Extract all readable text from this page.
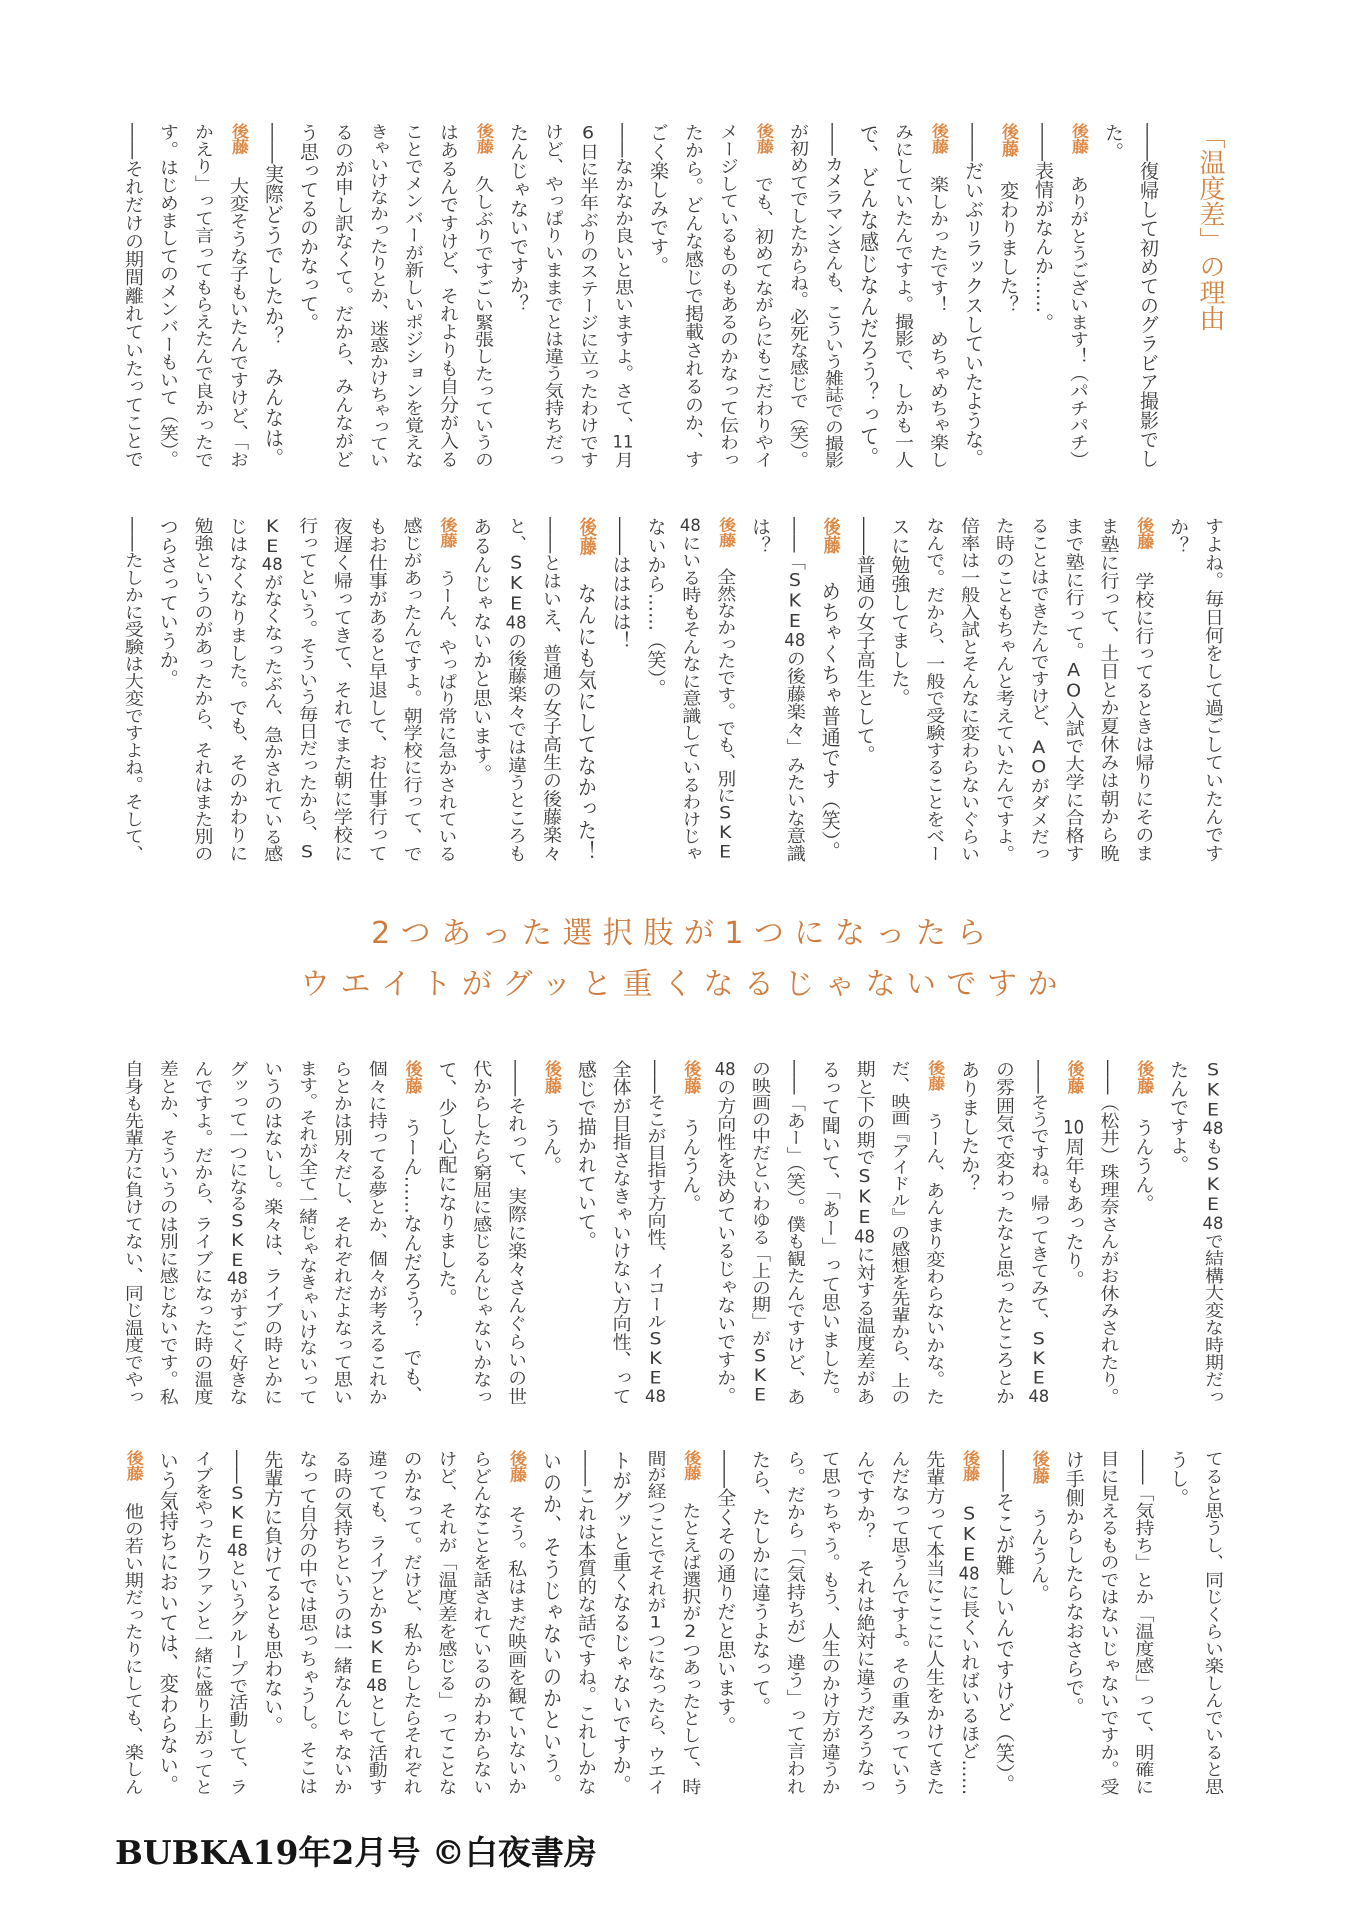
「温度差」の理由
――復帰して初めてのグラビア撮影でし
た。
後藤ありがとうございます！（パチパチ）
――表情がなんか……。
後藤変わりました？
――だいぶリラックスしていたような。
後藤楽しかったです！　めちゃめちゃ楽し
みにしていたんですよ。撮影で、しかも一人
で、どんな感じなんだろう？って。
――カメラマンさんも、こういう雑誌での撮影
が初めてでしたからね。必死な感じで（笑）。
後藤でも、初めてながらにもこだわりやイ
メージしているものもあるのかなって伝わっ
たから。どんな感じで掲載されるのか、す
ごく楽しみです。
――なかなか良いと思いますよ。さて、11月
6日に半年ぶりのステージに立ったわけです
けど、やっぱりいままでとは違う気持ちだっ
たんじゃないですか？
後藤久しぶりですごい緊張したっていうの
はあるんですけど、それよりも自分が入る
ことでメンバーが新しいポジションを覚えな
きゃいけなかったりとか、迷惑かけちゃってい
るのが申し訳なくて。だから、みんながど
う思ってるのかなって。
――実際どうでしたか？　みんなは。
後藤大変そうな子もいたんですけど、「お
かえり」って言ってもらえたんで良かったで
す。はじめましてのメンバーもいて（笑）。
――それだけの期間離れていたってことで
すよね。毎日何をして過ごしていたんです
か？
後藤学校に行ってるときは帰りにそのま
ま塾に行って、土日とか夏休みは朝から晩
まで塾に行って。AO入試で大学に合格す
ることはできたんですけど、AOがダメだっ
た時のこともちゃんと考えていたんですよ。
倍率は一般入試とそんなに変わらないぐらい
なんで。だから、一般で受験することをベー
スに勉強してました。
――普通の女子高生として。
後藤めちゃくちゃ普通です（笑）。
――「SKE48の後藤楽々」みたいな意識
は？
後藤全然なかったです。でも、別にSKE
48にいる時もそんなに意識しているわけじゃ
ないから……（笑）。
――はははは！
後藤なんにも気にしてなかった！
――とはいえ、普通の女子高生の後藤楽々
と、SKE48の後藤楽々では違うところも
あるんじゃないかと思います。
後藤うーん、やっぱり常に急かされている
感じがあったんですよ。朝学校に行って、で
もお仕事があると早退して、お仕事行って
夜遅く帰ってきて、それでまた朝に学校に
行ってという。そういう毎日だったから、S
KE48がなくなったぶん、急かされている感
じはなくなりました。でも、そのかわりに
勉強というのがあったから、それはまた別の
つらさっていうか。
――たしかに受験は大変ですよね。そして、
2つあった選択肢が1つになったら
ウエイトがグッと重くなるじゃないですか
SKE48もSKE48で結構大変な時期だっ
たんですよ。
後藤うんうん。
――（松井）珠理奈さんがお休みされたり。
後藤10周年もあったり。
――そうですね。帰ってきてみて、SKE48
の雰囲気で変わったなと思ったところとか
ありましたか？
後藤うーん、あんまり変わらないかな。た
だ、映画『アイドル』の感想を先輩から、上の
期と下の期でSKE48に対する温度差があ
るって聞いて、「あー」って思いました。
――「あー」（笑）。僕も観たんですけど、あ
の映画の中だといわゆる「上の期」がSKE
48の方向性を決めているじゃないですか。
後藤うんうん。
――そこが目指す方向性、イコールSKE48
全体が目指さなきゃいけない方向性、って
感じで描かれていて。
後藤うん。
――それって、実際に楽々さんぐらいの世
代からしたら窮屈に感じるんじゃないかなっ
て、少し心配になりました。
後藤うーん……なんだろう？　でも、
個々に持ってる夢とか、個々が考えるこれか
らとかは別々だし、それぞれだよなって思い
ます。それが全て一緒じゃなきゃいけないって
いうのはないし。楽々は、ライブの時とかに
グッって一つになるSKE48がすごく好きな
んですよ。だから、ライブになった時の温度
差とか、そういうのは別に感じないです。私
自身も先輩方に負けてない、同じ温度でやっ
てると思うし、同じくらい楽しんでいると思
うし。
――「気持ち」とか「温度感」って、明確に
目に見えるものではないじゃないですか。受
け手側からしたらなおさらで。
後藤うんうん。
――そこが難しいんですけど（笑）。
後藤SKE48に長くいればいるほど……
先輩方って本当にここに人生をかけてきた
んだなって思うんですよ。その重みっていう
んですか？　それは絶対に違うだろうなっ
て思っちゃう。もう、人生のかけ方が違うか
ら。だから「（気持ちが）違う」って言われ
たら、たしかに違うよなって。
――全くその通りだと思います。
後藤たとえば選択が2つあったとして、時
間が経つことでそれが1つになったら、ウエイ
トがグッと重くなるじゃないですか。
――これは本質的な話ですね。これしかな
いのか、そうじゃないのかという。
後藤そう。私はまだ映画を観ていないか
らどんなことを話されているのかわからない
けど、それが「温度差を感じる」ってことな
のかなって。だけど、私からしたらそれぞれ
違っても、ライブとかSKE48として活動す
る時の気持ちというのは一緒なんじゃないか
なって自分の中では思っちゃうし。そこは
先輩方に負けてるとも思わない。
――SKE48というグループで活動して、ラ
イブをやったりファンと一緒に盛り上がってと
いう気持ちにおいては、変わらない。
後藤他の若い期だったりにしても、楽しん
BUBKA19年2月号 ©白夜書房
